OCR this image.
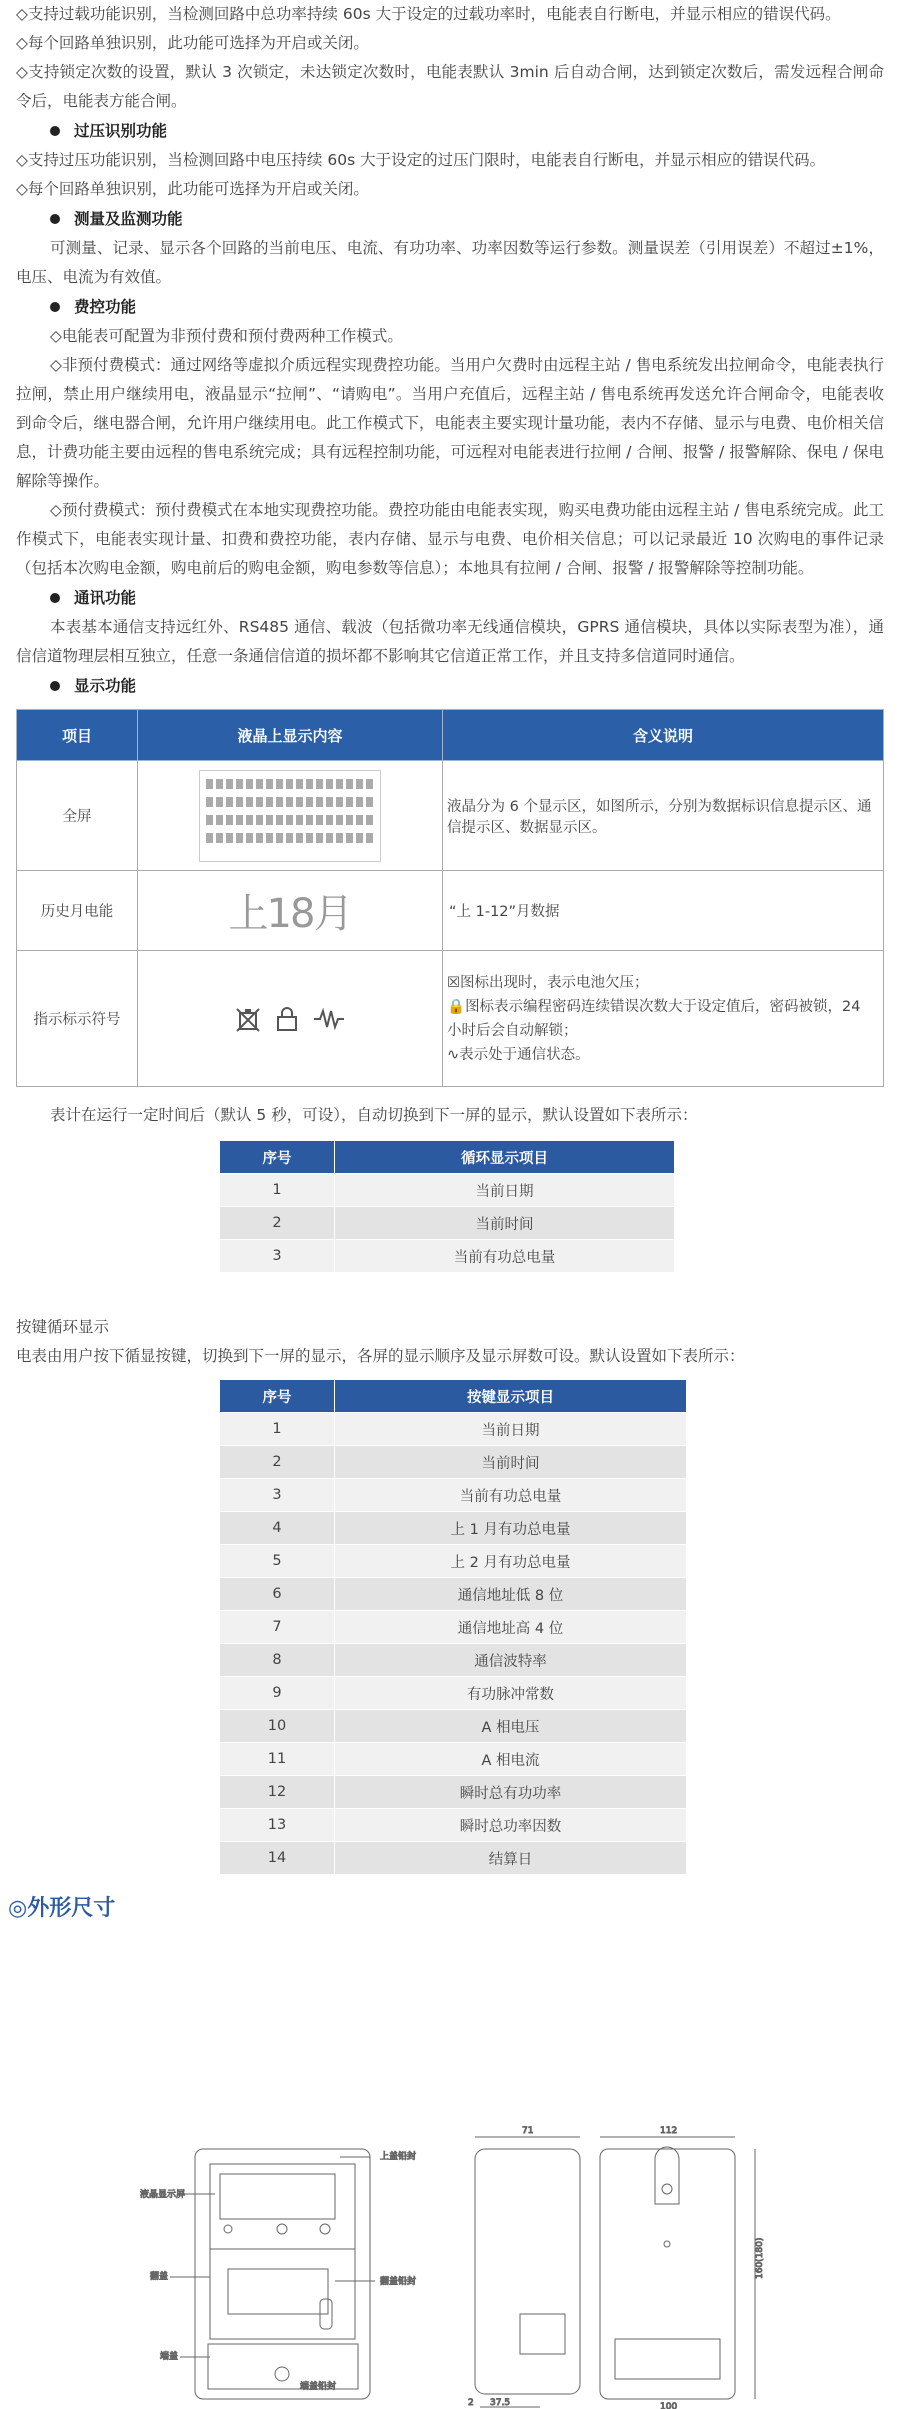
◇支持过载功能识别，当检测回路中总功率持续 60s 大于设定的过载功率时，电能表自行断电，并显示相应的错误代码。

◇每个回路单独识别，此功能可选择为开启或关闭。

◇支持锁定次数的设置，默认 3 次锁定，未达锁定次数时，电能表默认 3min 后自动合闸，达到锁定次数后，需发远程合闸命令后，电能表方能合闸。

过压识别功能

◇支持过压功能识别，当检测回路中电压持续 60s 大于设定的过压门限时，电能表自行断电，并显示相应的错误代码。

◇每个回路单独识别，此功能可选择为开启或关闭。

测量及监测功能

可测量、记录、显示各个回路的当前电压、电流、有功功率、功率因数等运行参数。测量误差（引用误差）不超过±1%，电压、电流为有效值。

费控功能

◇电能表可配置为非预付费和预付费两种工作模式。

◇非预付费模式：通过网络等虚拟介质远程实现费控功能。当用户欠费时由远程主站 / 售电系统发出拉闸命令，电能表执行拉闸，禁止用户继续用电，液晶显示“拉闸”、“请购电”。当用户充值后，远程主站 / 售电系统再发送允许合闸命令，电能表收到命令后，继电器合闸，允许用户继续用电。此工作模式下，电能表主要实现计量功能，表内不存储、显示与电费、电价相关信息，计费功能主要由远程的售电系统完成；具有远程控制功能，可远程对电能表进行拉闸 / 合闸、报警 / 报警解除、保电 / 保电解除等操作。

◇预付费模式：预付费模式在本地实现费控功能。费控功能由电能表实现，购买电费功能由远程主站 / 售电系统完成。此工作模式下，电能表实现计量、扣费和费控功能，表内存储、显示与电费、电价相关信息；可以记录最近 10 次购电的事件记录（包括本次购电金额，购电前后的购电金额，购电参数等信息）；本地具有拉闸 / 合闸、报警 / 报警解除等控制功能。

通讯功能

本表基本通信支持远红外、RS485 通信、载波（包括微功率无线通信模块，GPRS 通信模块，具体以实际表型为准），通信信道物理层相互独立，任意一条通信信道的损坏都不影响其它信道正常工作，并且支持多信道同时通信。

显示功能

项目	液晶上显示内容	含义说明
全屏		液晶分为 6 个显示区，如图所示，分别为数据标识信息提示区、通信提示区、数据显示区。
历史月电能	上18月	“上 1-12”月数据
指示标示符号		☒图标出现时，表示电池欠压；
🔒图标表示编程密码连续错误次数大于设定值后，密码被锁，24 小时后会自动解锁；
∿表示处于通信状态。

表计在运行一定时间后（默认 5 秒，可设），自动切换到下一屏的显示，默认设置如下表所示：

序号	循环显示项目
1	当前日期
2	当前时间
3	当前有功总电量

按键循环显示

电表由用户按下循显按键，切换到下一屏的显示，各屏的显示顺序及显示屏数可设。默认设置如下表所示：

序号	按键显示项目
1	当前日期
2	当前时间
3	当前有功总电量
4	上 1 月有功总电量
5	上 2 月有功总电量
6	通信地址低 8 位
7	通信地址高 4 位
8	通信波特率
9	有功脉冲常数
10	A 相电压
11	A 相电流
12	瞬时总有功功率
13	瞬时总功率因数
14	结算日
◎外形尺寸
液晶显示屏
上盖铅封
翻盖	翻盖铅封
端盖
端盖铅封
71
37.5
2
112
100
160(180)
